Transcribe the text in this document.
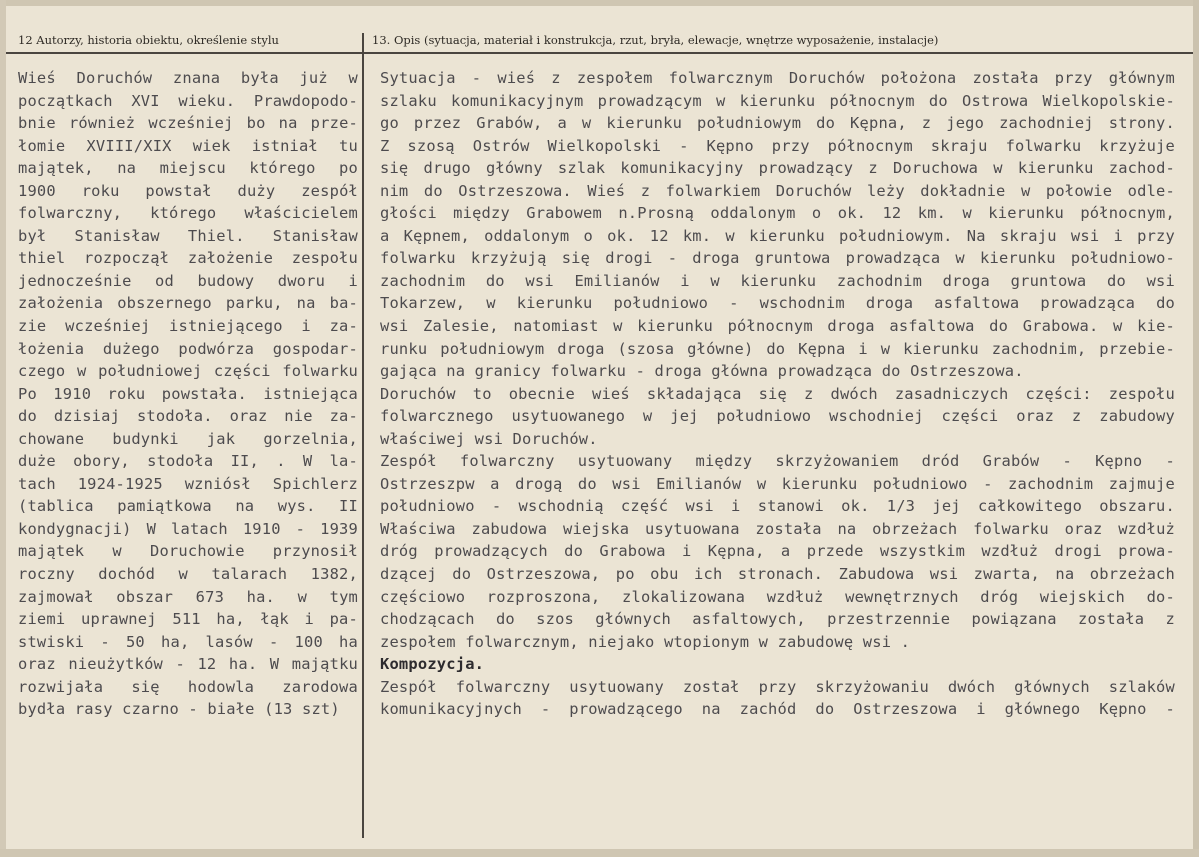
12 Autorzy, historia obiektu, określenie stylu	13. Opis (sytuacja, materiał i konstrukcja, rzut, bryła, elewacje, wnętrze wyposażenie, instalacje)
Wieś Doruchów znana była już w
początkach XVI wieku. Prawdopodo-
bnie również wcześniej bo na prze-
łomie XVIII/XIX wiek istniał tu
majątek, na miejscu którego po
1900 roku powstał duży zespół
folwarczny, którego właścicielem
był Stanisław Thiel. Stanisław
thiel rozpoczął założenie zespołu
jednocześnie od budowy dworu i
założenia obszernego parku, na ba-
zie wcześniej istniejącego i za-
łożenia dużego podwórza gospodar-
czego w południowej części folwarku
Po 1910 roku powstała. istniejąca
do dzisiaj stodoła. oraz nie za-
chowane budynki jak gorzelnia,
duże obory, stodoła II, . W la-
tach 1924-1925 wzniósł Spichlerz
(tablica pamiątkowa na wys. II
kondygnacji) W latach 1910 - 1939
majątek w Doruchowie przynosił
roczny dochód w talarach 1382,
zajmował obszar 673 ha. w tym
ziemi uprawnej 511 ha, łąk i pa-
stwiski - 50 ha, lasów - 100 ha
oraz nieużytków - 12 ha. W majątku
rozwijała się hodowla zarodowa
bydła rasy czarno - białe (13 szt)
Sytuacja - wieś z zespołem folwarcznym Doruchów położona została przy głównym
szlaku komunikacyjnym prowadzącym w kierunku północnym do Ostrowa Wielkopolskie-
go przez Grabów, a w kierunku południowym do Kępna, z jego zachodniej strony.
Z szosą Ostrów Wielkopolski - Kępno przy północnym skraju folwarku krzyżuje
się drugo główny szlak komunikacyjny prowadzący z Doruchowa w kierunku zachod-
nim do Ostrzeszowa. Wieś z folwarkiem Doruchów leży dokładnie w połowie odle-
głości między Grabowem n.Prosną oddalonym o ok. 12 km. w kierunku północnym,
a Kępnem, oddalonym o ok. 12 km. w kierunku południowym. Na skraju wsi i przy
folwarku krzyżują się drogi - droga gruntowa prowadząca w kierunku południowo-
zachodnim do wsi Emilianów i w kierunku zachodnim droga gruntowa do wsi
Tokarzew, w kierunku południowo - wschodnim droga asfaltowa prowadząca do
wsi Zalesie, natomiast w kierunku północnym droga asfaltowa do Grabowa. w kie-
runku południowym droga (szosa główne) do Kępna i w kierunku zachodnim, przebie-
gająca na granicy folwarku - droga główna prowadząca do Ostrzeszowa.
Doruchów to obecnie wieś składająca się z dwóch zasadniczych części: zespołu
folwarcznego usytuowanego w jej południowo wschodniej części oraz z zabudowy
właściwej wsi Doruchów.
Zespół folwarczny usytuowany między skrzyżowaniem dród Grabów - Kępno -
Ostrzeszpw a drogą do wsi Emilianów w kierunku południowo - zachodnim zajmuje
południowo - wschodnią część wsi i stanowi ok. 1/3 jej całkowitego obszaru.
Właściwa zabudowa wiejska usytuowana została na obrzeżach folwarku oraz wzdłuż
dróg prowadzących do Grabowa i Kępna, a przede wszystkim wzdłuż drogi prowa-
dzącej do Ostrzeszowa, po obu ich stronach. Zabudowa wsi zwarta, na obrzeżach
częściowo rozproszona, zlokalizowana wzdłuż wewnętrznych dróg wiejskich do-
chodzącach do szos głównych asfaltowych, przestrzennie powiązana została z
zespołem folwarcznym, niejako wtopionym w zabudowę wsi .
Kompozycja.
Zespół folwarczny usytuowany został przy skrzyżowaniu dwóch głównych szlaków
komunikacyjnych - prowadzącego na zachód do Ostrzeszowa i głównego Kępno -
